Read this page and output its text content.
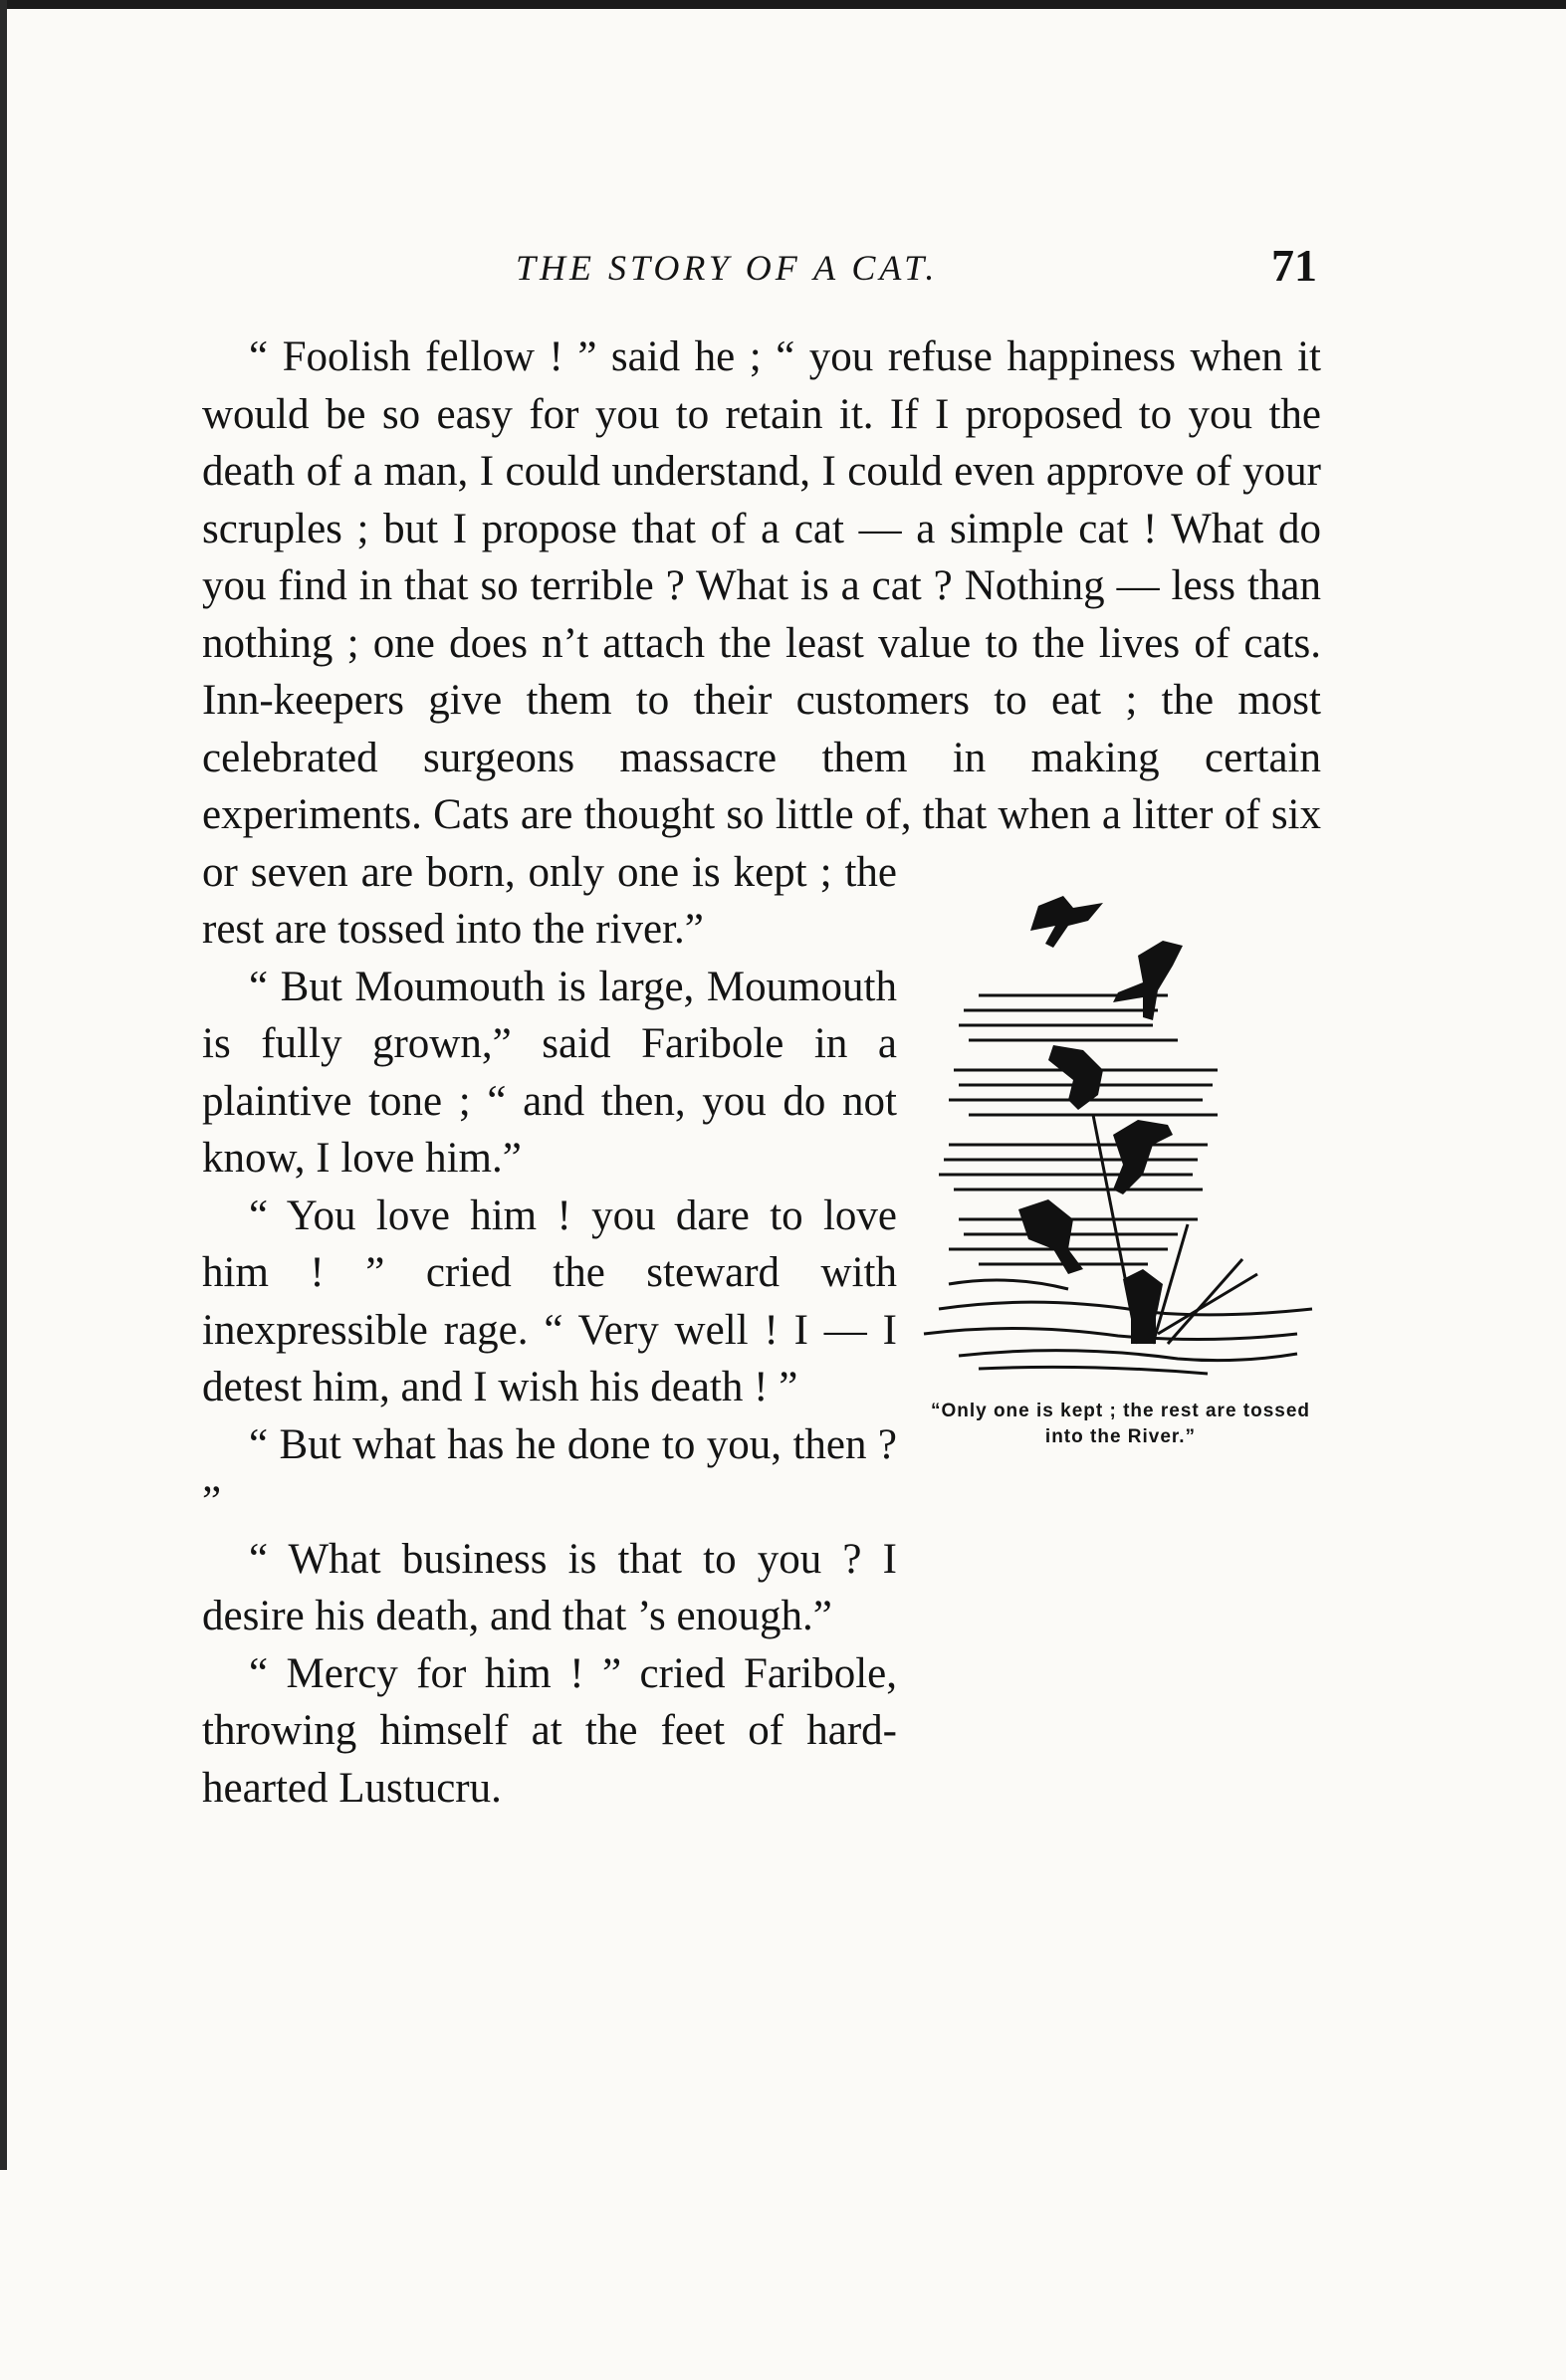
THE STORY OF A CAT.	71
“Only one is kept ; the rest are tossed into the River.”

“ Foolish fellow ! ” said he ; “ you refuse happiness when it would be so easy for you to retain it. If I proposed to you the death of a man, I could understand, I could even approve of your scruples ; but I propose that of a cat — a simple cat ! What do you find in that so terrible ? What is a cat ? Nothing — less than nothing ; one does n’t attach the least value to the lives of cats. Inn-keepers give them to their customers to eat ; the most celebrated surgeons massacre them in making certain experiments. Cats are thought so little of, that when a litter of six or seven are born, only one is kept ; the rest are tossed into the river.”

“ But Moumouth is large, Moumouth is fully grown,” said Faribole in a plaintive tone ; “ and then, you do not know, I love him.”

“ You love him ! you dare to love him ! ” cried the steward with inexpressible rage. “ Very well ! I — I detest him, and I wish his death ! ”

“ But what has he done to you, then ? ”

“ What business is that to you ? I desire his death, and that ’s enough.”

“ Mercy for him ! ” cried Faribole, throwing himself at the feet of hard-hearted Lustucru.
